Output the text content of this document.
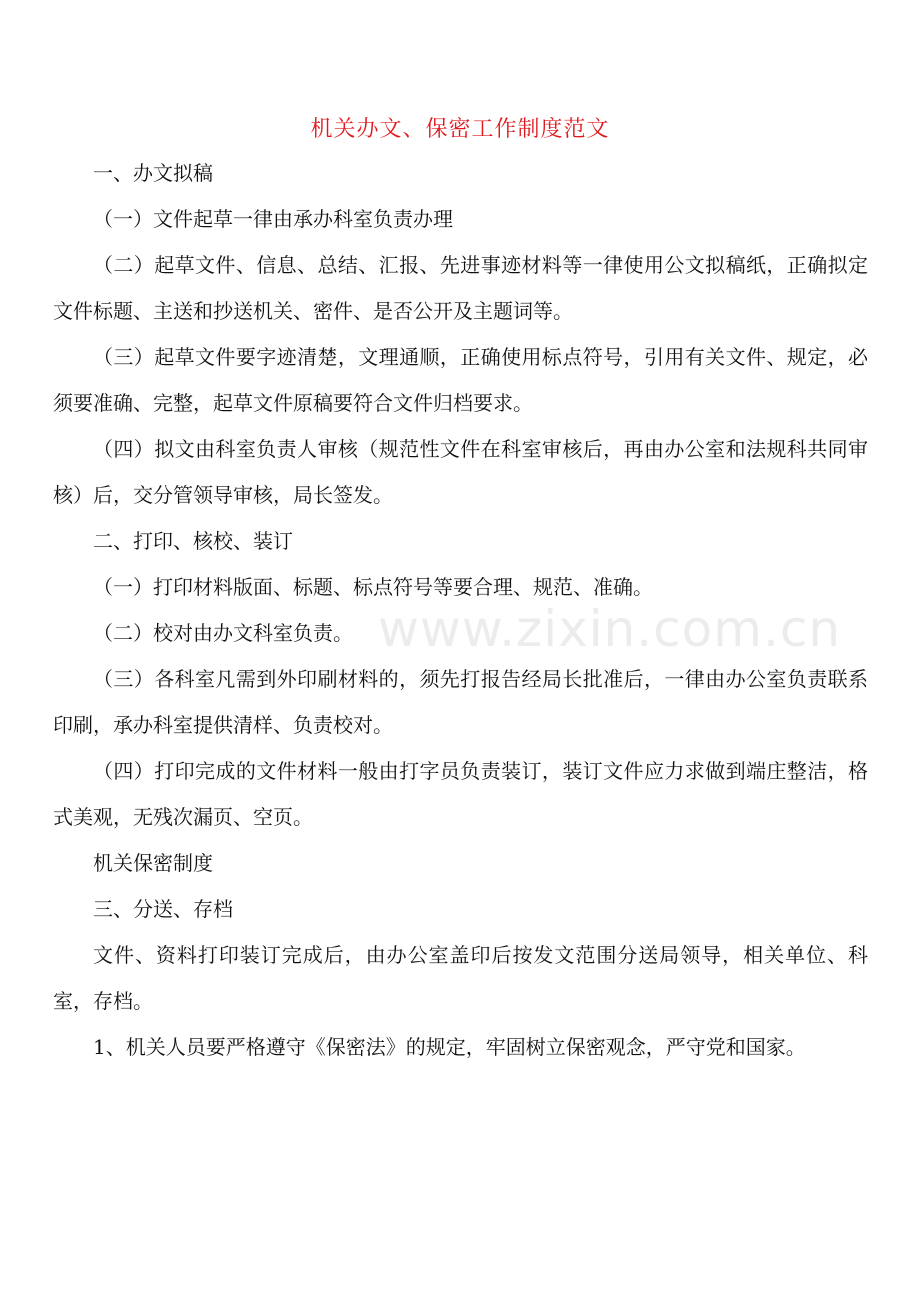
机关办文、保密工作制度范文

一、办文拟稿

（一）文件起草一律由承办科室负责办理

（二）起草文件、信息、总结、汇报、先进事迹材料等一律使用公文拟稿纸，正确拟定文件标题、主送和抄送机关、密件、是否公开及主题词等。

（三）起草文件要字迹清楚，文理通顺，正确使用标点符号，引用有关文件、规定，必须要准确、完整，起草文件原稿要符合文件归档要求。

（四）拟文由科室负责人审核（规范性文件在科室审核后，再由办公室和法规科共同审核）后，交分管领导审核，局长签发。

二、打印、核校、装订

（一）打印材料版面、标题、标点符号等要合理、规范、准确。

（二）校对由办文科室负责。

（三）各科室凡需到外印刷材料的，须先打报告经局长批准后，一律由办公室负责联系印刷，承办科室提供清样、负责校对。

（四）打印完成的文件材料一般由打字员负责装订，装订文件应力求做到端庄整洁，格式美观，无残次漏页、空页。

机关保密制度

三、分送、存档

文件、资料打印装订完成后，由办公室盖印后按发文范围分送局领导，相关单位、科室，存档。

1、机关人员要严格遵守《保密法》的规定，牢固树立保密观念，严守党和国家。

www.zixin.com.cn
